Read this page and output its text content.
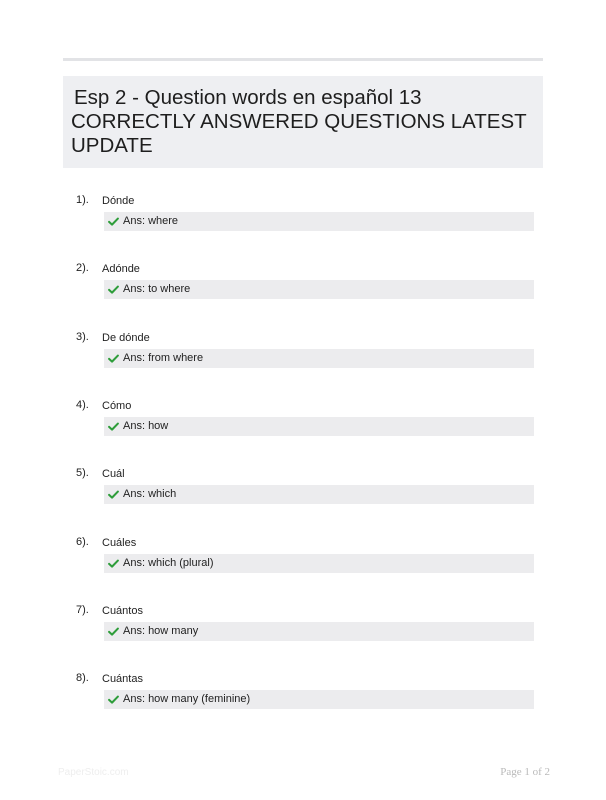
Esp 2 - Question words en español 13
CORRECTLY ANSWERED QUESTIONS LATEST UPDATE
1). Dónde
Ans: where
2). Adónde
Ans: to where
3). De dónde
Ans: from where
4). Cómo
Ans: how
5). Cuál
Ans: which
6). Cuáles
Ans: which (plural)
7). Cuántos
Ans: how many
8). Cuántas
Ans: how many (feminine)
PaperStoic.com	Page 1 of 2
